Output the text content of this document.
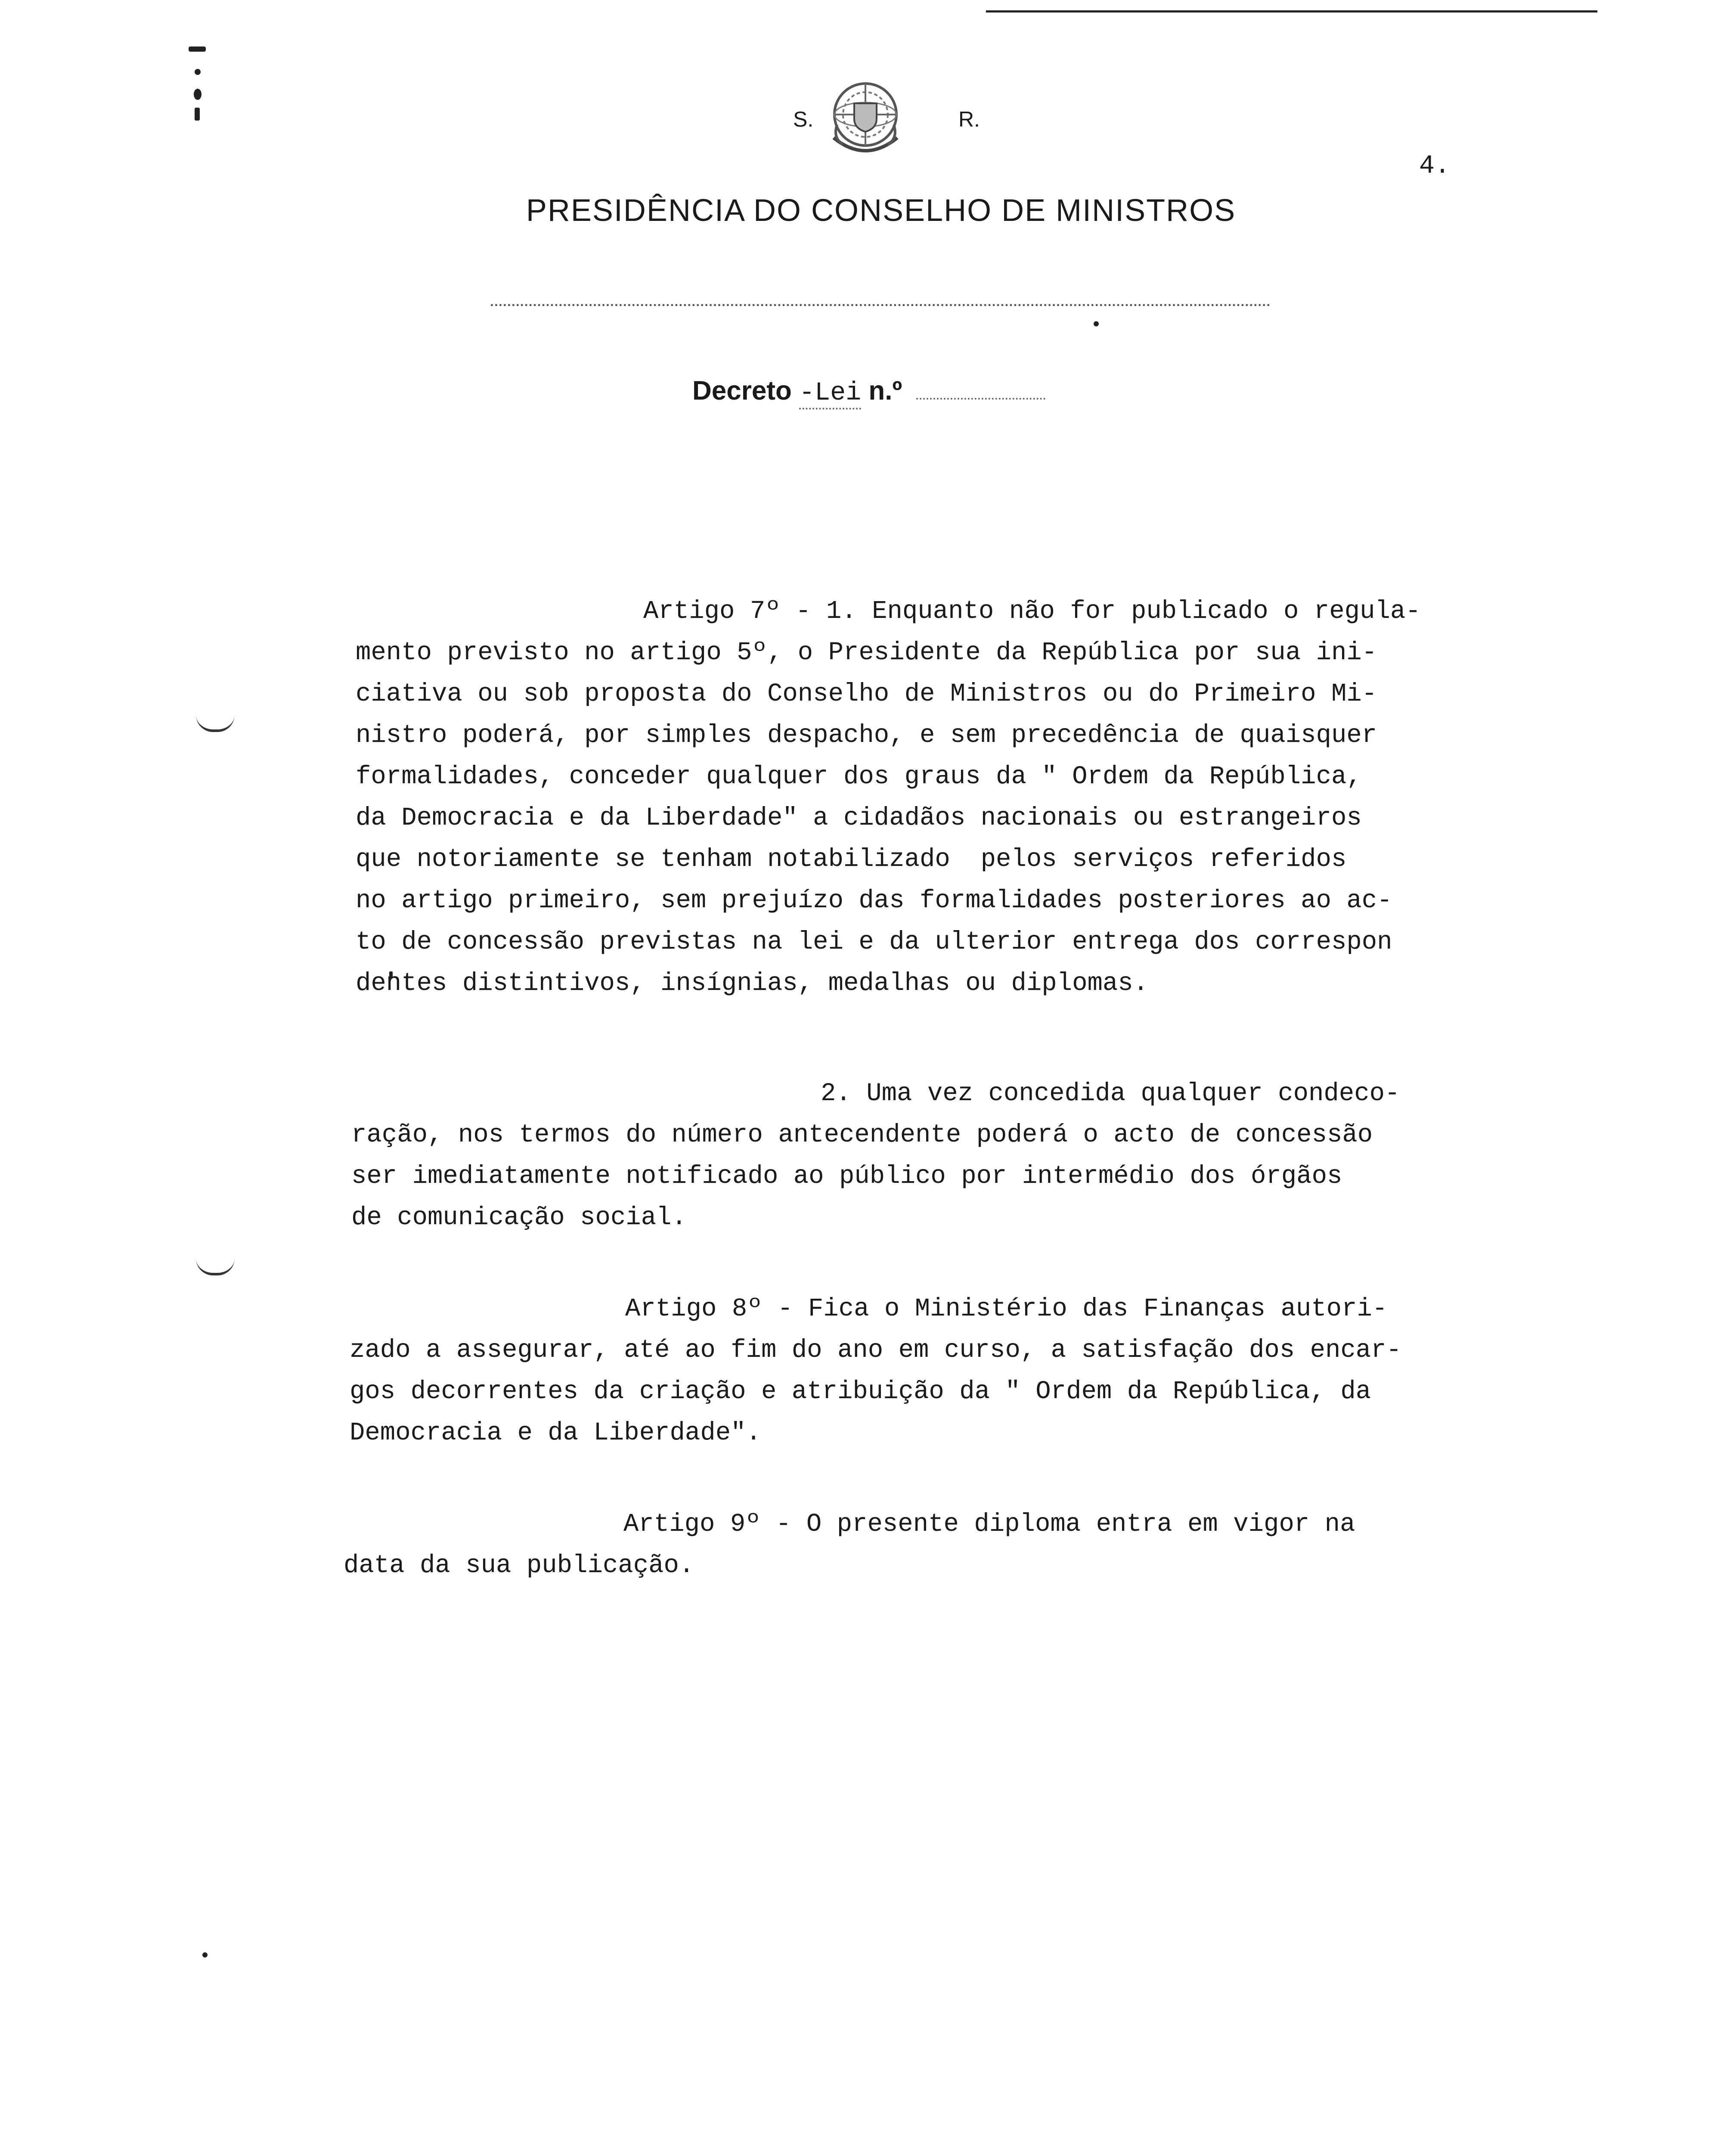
S.	R.
4.
PRESIDÊNCIA DO CONSELHO DE MINISTROS
Decreto -Lei n.º

Artigo 7º - 1. Enquanto não for publicado o regula-
mento previsto no artigo 5º, o Presidente da República por sua ini-
ciativa ou sob proposta do Conselho de Ministros ou do Primeiro Mi-
nistro poderá, por simples despacho, e sem precedência de quaisquer
formalidades, conceder qualquer dos graus da " Ordem da República,
da Democracia e da Liberdade" a cidadãos nacionais ou estrangeiros
que notoriamente se tenham notabilizado  pelos serviços referidos
no artigo primeiro, sem prejuízo das formalidades posteriores ao ac-
to de concessão previstas na lei e da ulterior entrega dos correspon
dentes distintivos, insígnias, medalhas ou diplomas.

2. Uma vez concedida qualquer condeco-
ração, nos termos do número antecendente poderá o acto de concessão
ser imediatamente notificado ao público por intermédio dos órgãos
de comunicação social.

Artigo 8º - Fica o Ministério das Finanças autori-
zado a assegurar, até ao fim do ano em curso, a satisfação dos encar-
gos decorrentes da criação e atribuição da " Ordem da República, da
Democracia e da Liberdade".

Artigo 9º - O presente diploma entra em vigor na
data da sua publicação.
